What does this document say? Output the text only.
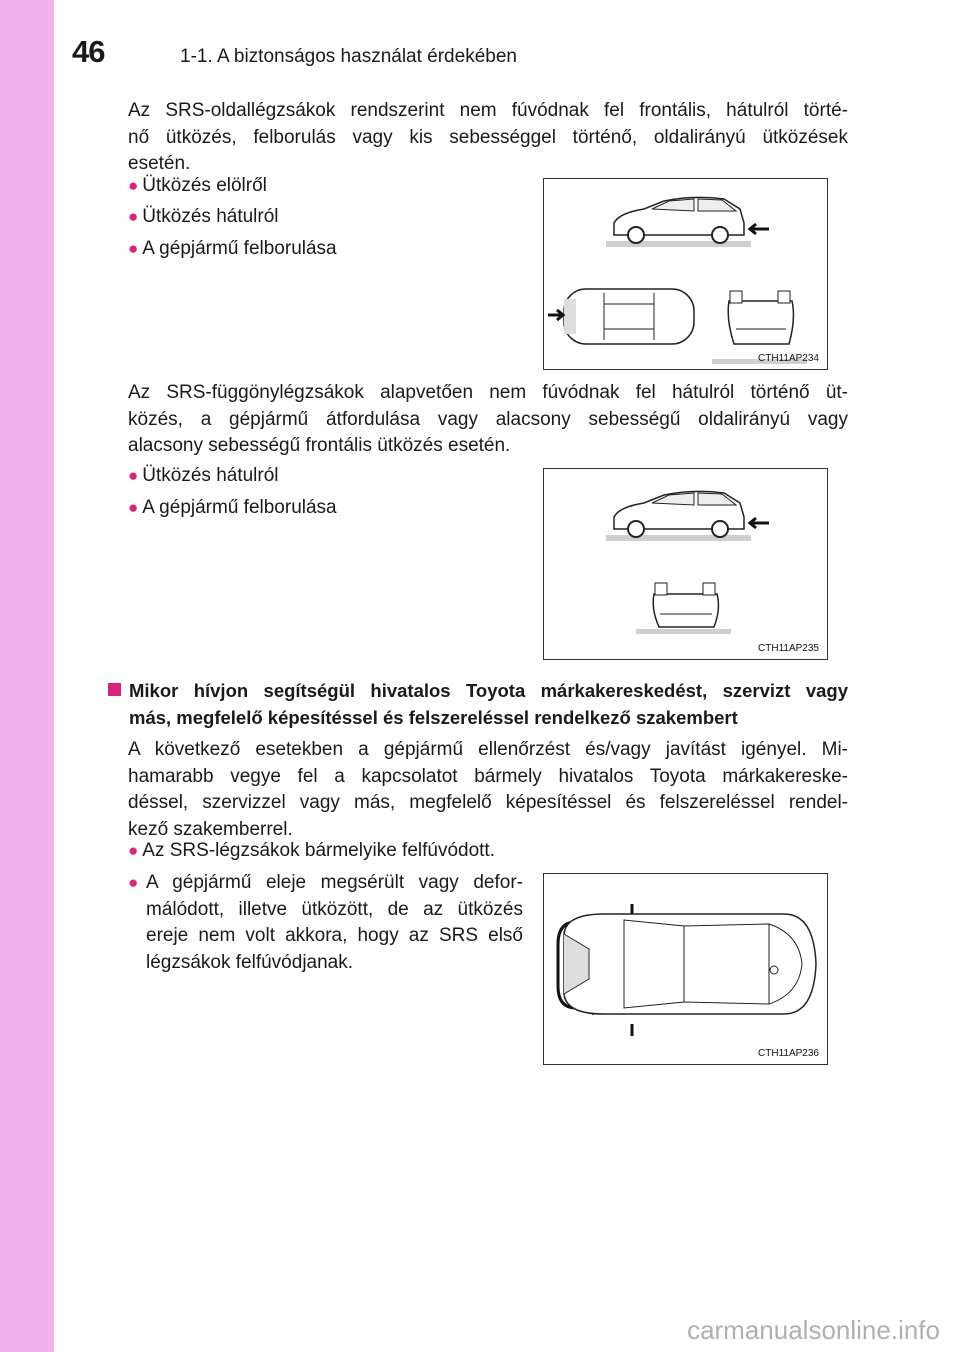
46	1-1. A biztonságos használat érdekében
Az SRS-oldallégzsákok rendszerint nem fúvódnak fel frontális, hátulról törté-
nő ütközés, felborulás vagy kis sebességgel történő, oldalirányú ütközések
esetén.
● Ütközés elölről
● Ütközés hátulról
● A gépjármű felborulása
CTH11AP234
Az SRS-függönylégzsákok alapvetően nem fúvódnak fel hátulról történő üt-
közés, a gépjármű átfordulása vagy alacsony sebességű oldalirányú vagy
alacsony sebességű frontális ütközés esetén.
● Ütközés hátulról
● A gépjármű felborulása
CTH11AP235
Mikor hívjon segítségül hivatalos Toyota márkakereskedést, szervizt vagy
más, megfelelő képesítéssel és felszereléssel rendelkező szakembert
A következő esetekben a gépjármű ellenőrzést és/vagy javítást igényel. Mi-
hamarabb vegye fel a kapcsolatot bármely hivatalos Toyota márkakereske-
déssel, szervizzel vagy más, megfelelő képesítéssel és felszereléssel rendel-
kező szakemberrel.
● Az SRS-légzsákok bármelyike felfúvódott.
● A gépjármű eleje megsérült vagy defor-
málódott, illetve ütközött, de az ütközés
ereje nem volt akkora, hogy az SRS első
légzsákok felfúvódjanak.
CTH11AP236
carmanualsonline.info
